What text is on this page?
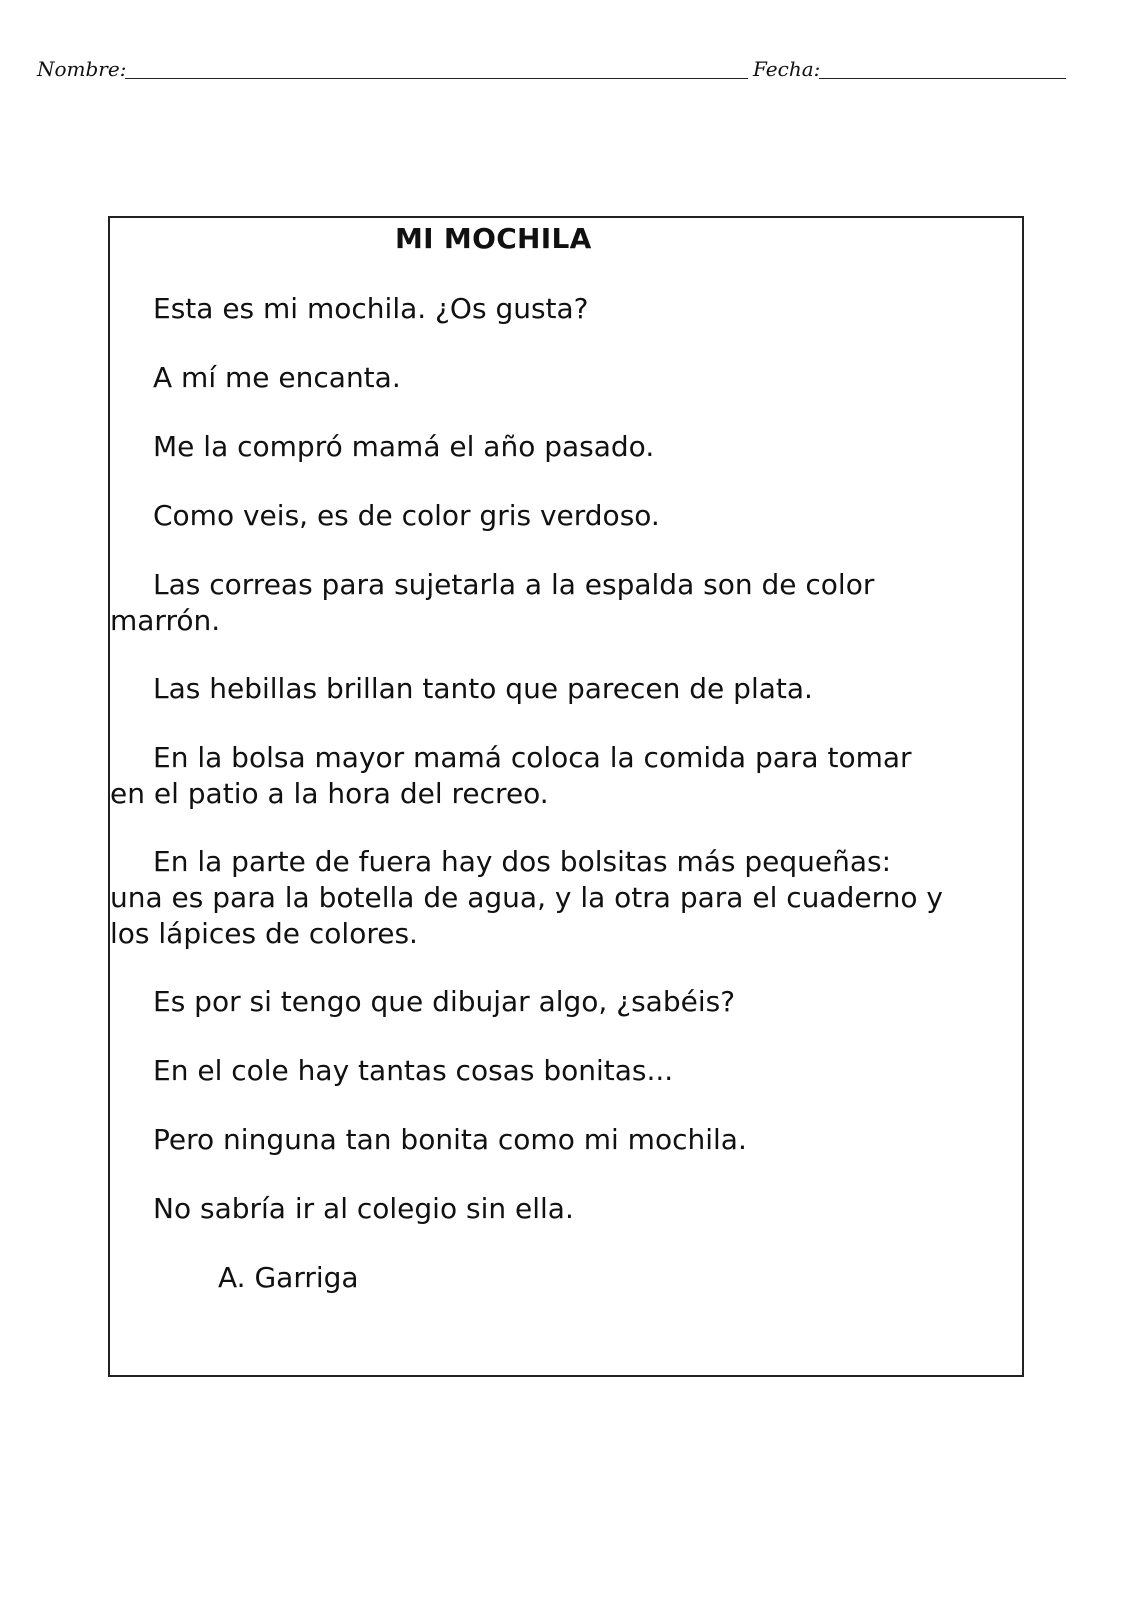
Nombre:	Fecha:
MI MOCHILA

Esta es mi mochila. ¿Os gusta?

A mí me encanta.

Me la compró mamá el año pasado.

Como veis, es de color gris verdoso.

Las correas para sujetarla a la espalda son de color
marrón.

Las hebillas brillan tanto que parecen de plata.

En la bolsa mayor mamá coloca la comida para tomar
en el patio a la hora del recreo.

En la parte de fuera hay dos bolsitas más pequeñas:
una es para la botella de agua, y la otra para el cuaderno y
los lápices de colores.

Es por si tengo que dibujar algo, ¿sabéis?

En el cole hay tantas cosas bonitas...

Pero ninguna tan bonita como mi mochila.

No sabría ir al colegio sin ella.

A. Garriga
